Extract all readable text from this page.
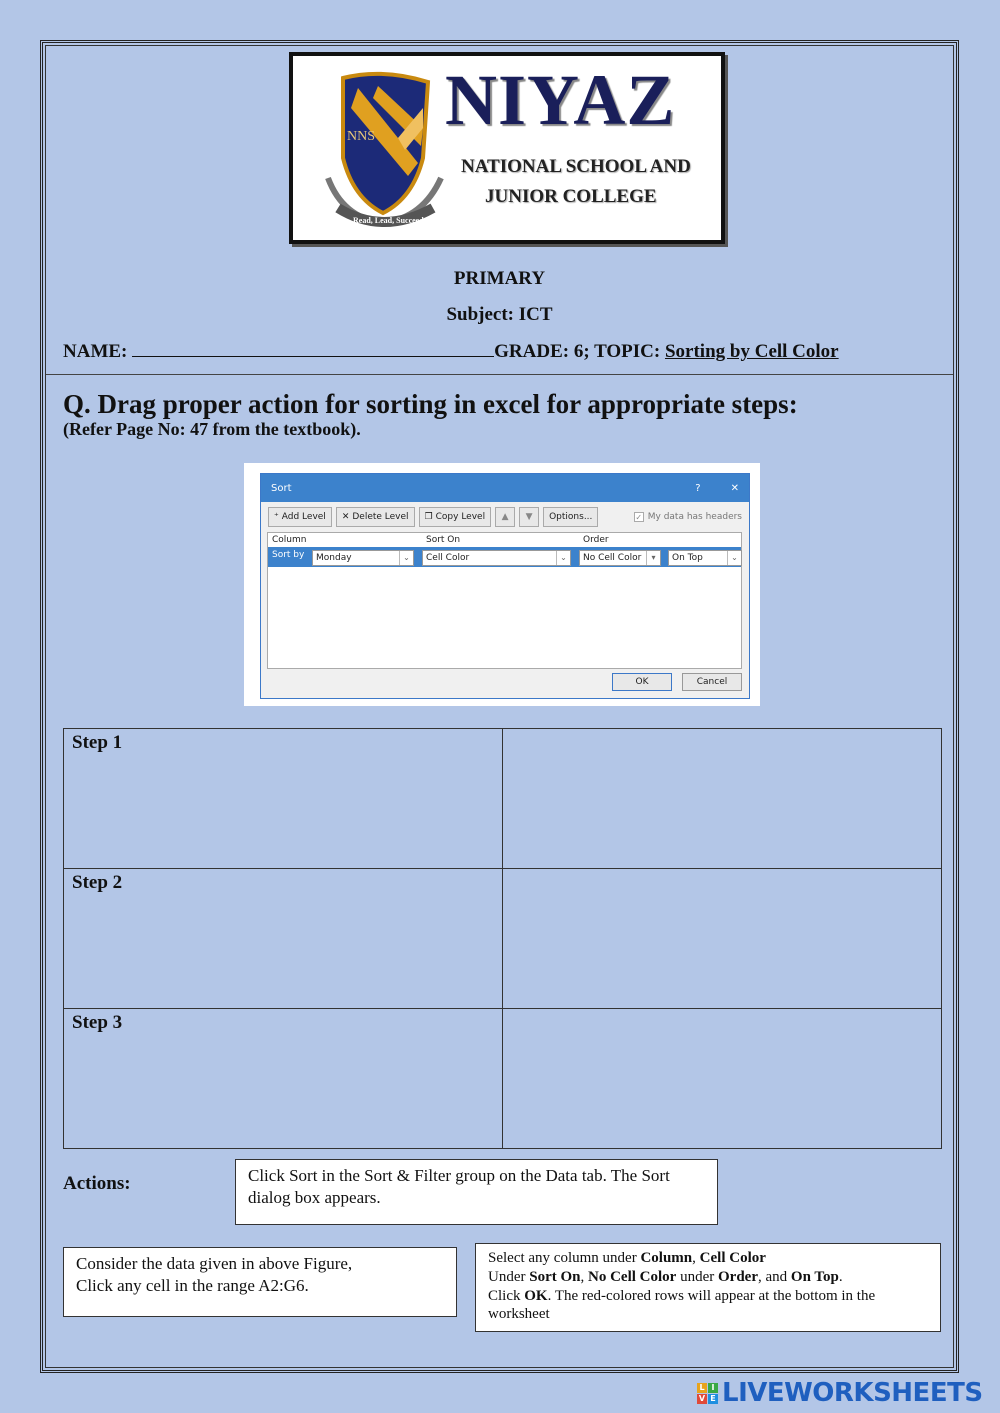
NNS
Read, Lead, Succeed
NIYAZ
NATIONAL SCHOOL AND
JUNIOR COLLEGE
PRIMARY
Subject: ICT
NAME:	GRADE: 6; TOPIC: Sorting by Cell Color
Q. Drag proper action for sorting in excel for appropriate steps:
(Refer Page No: 47 from the textbook).
Sort	?	✕
⁺ Add Level ✕ Delete Level ❐ Copy Level	▲	▼	Options...	✓ My data has headers
Column	Sort On	Order
Sort by	Monday	⌄	Cell Color	⌄	No Cell Color	▾	On Top	⌄
OK	Cancel
Step 1	
Step 2	
Step 3	
Actions:	Click Sort in the Sort & Filter group on the Data tab. The Sort dialog box appears.
Consider the data given in above Figure,
Click any cell in the range A2:G6.
Select any column under Column, Cell Color
Under Sort On, No Cell Color under Order, and On Top.
Click OK. The red-colored rows will appear at the bottom in the worksheet
L I
V E LIVEWORKSHEETS
